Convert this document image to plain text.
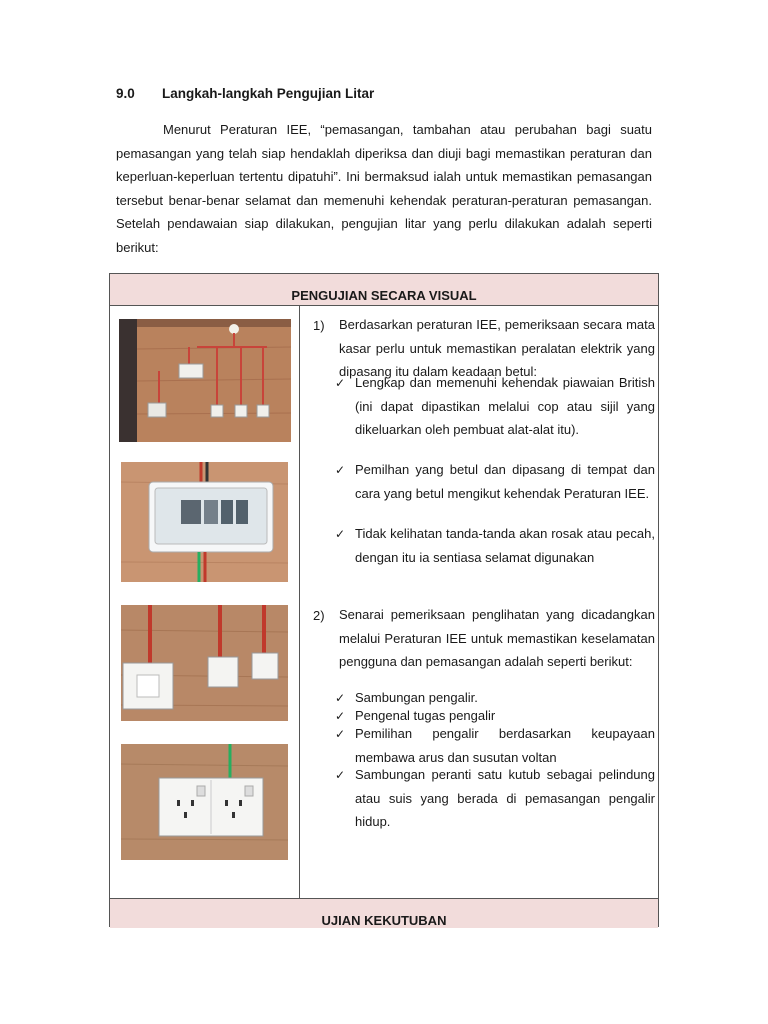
9.0 Langkah-langkah Pengujian Litar

Menurut Peraturan IEE, “pemasangan, tambahan atau perubahan bagi suatu pemasangan yang telah siap hendaklah diperiksa dan diuji bagi memastikan peraturan dan keperluan-keperluan tertentu dipatuhi”. Ini bermaksud ialah untuk memastikan pemasangan tersebut benar-benar selamat dan memenuhi kehendak peraturan-peraturan pemasangan. Setelah pendawaian siap dilakukan, pengujian litar yang perlu dilakukan adalah seperti berikut:

PENGUJIAN SECARA VISUAL
1) Berdasarkan peraturan IEE, pemeriksaan secara mata kasar perlu untuk memastikan peralatan elektrik yang dipasang itu dalam keadaan betul:
✓ Lengkap dan memenuhi kehendak piawaian British (ini dapat dipastikan melalui cop atau sijil yang dikeluarkan oleh pembuat alat-alat itu).
✓ Pemilhan yang betul dan dipasang di tempat dan cara yang betul mengikut kehendak Peraturan IEE.
✓ Tidak kelihatan tanda-tanda akan rosak atau pecah, dengan itu ia sentiasa selamat digunakan
2) Senarai pemeriksaan penglihatan yang dicadangkan melalui Peraturan IEE untuk memastikan keselamatan pengguna dan pemasangan adalah seperti berikut:
✓ Sambungan pengalir.
✓ Pengenal tugas pengalir
✓ Pemilihan pengalir berdasarkan keupayaan membawa arus dan susutan voltan
✓ Sambungan peranti satu kutub sebagai pelindung atau suis yang berada di pemasangan pengalir hidup.
UJIAN KEKUTUBAN
